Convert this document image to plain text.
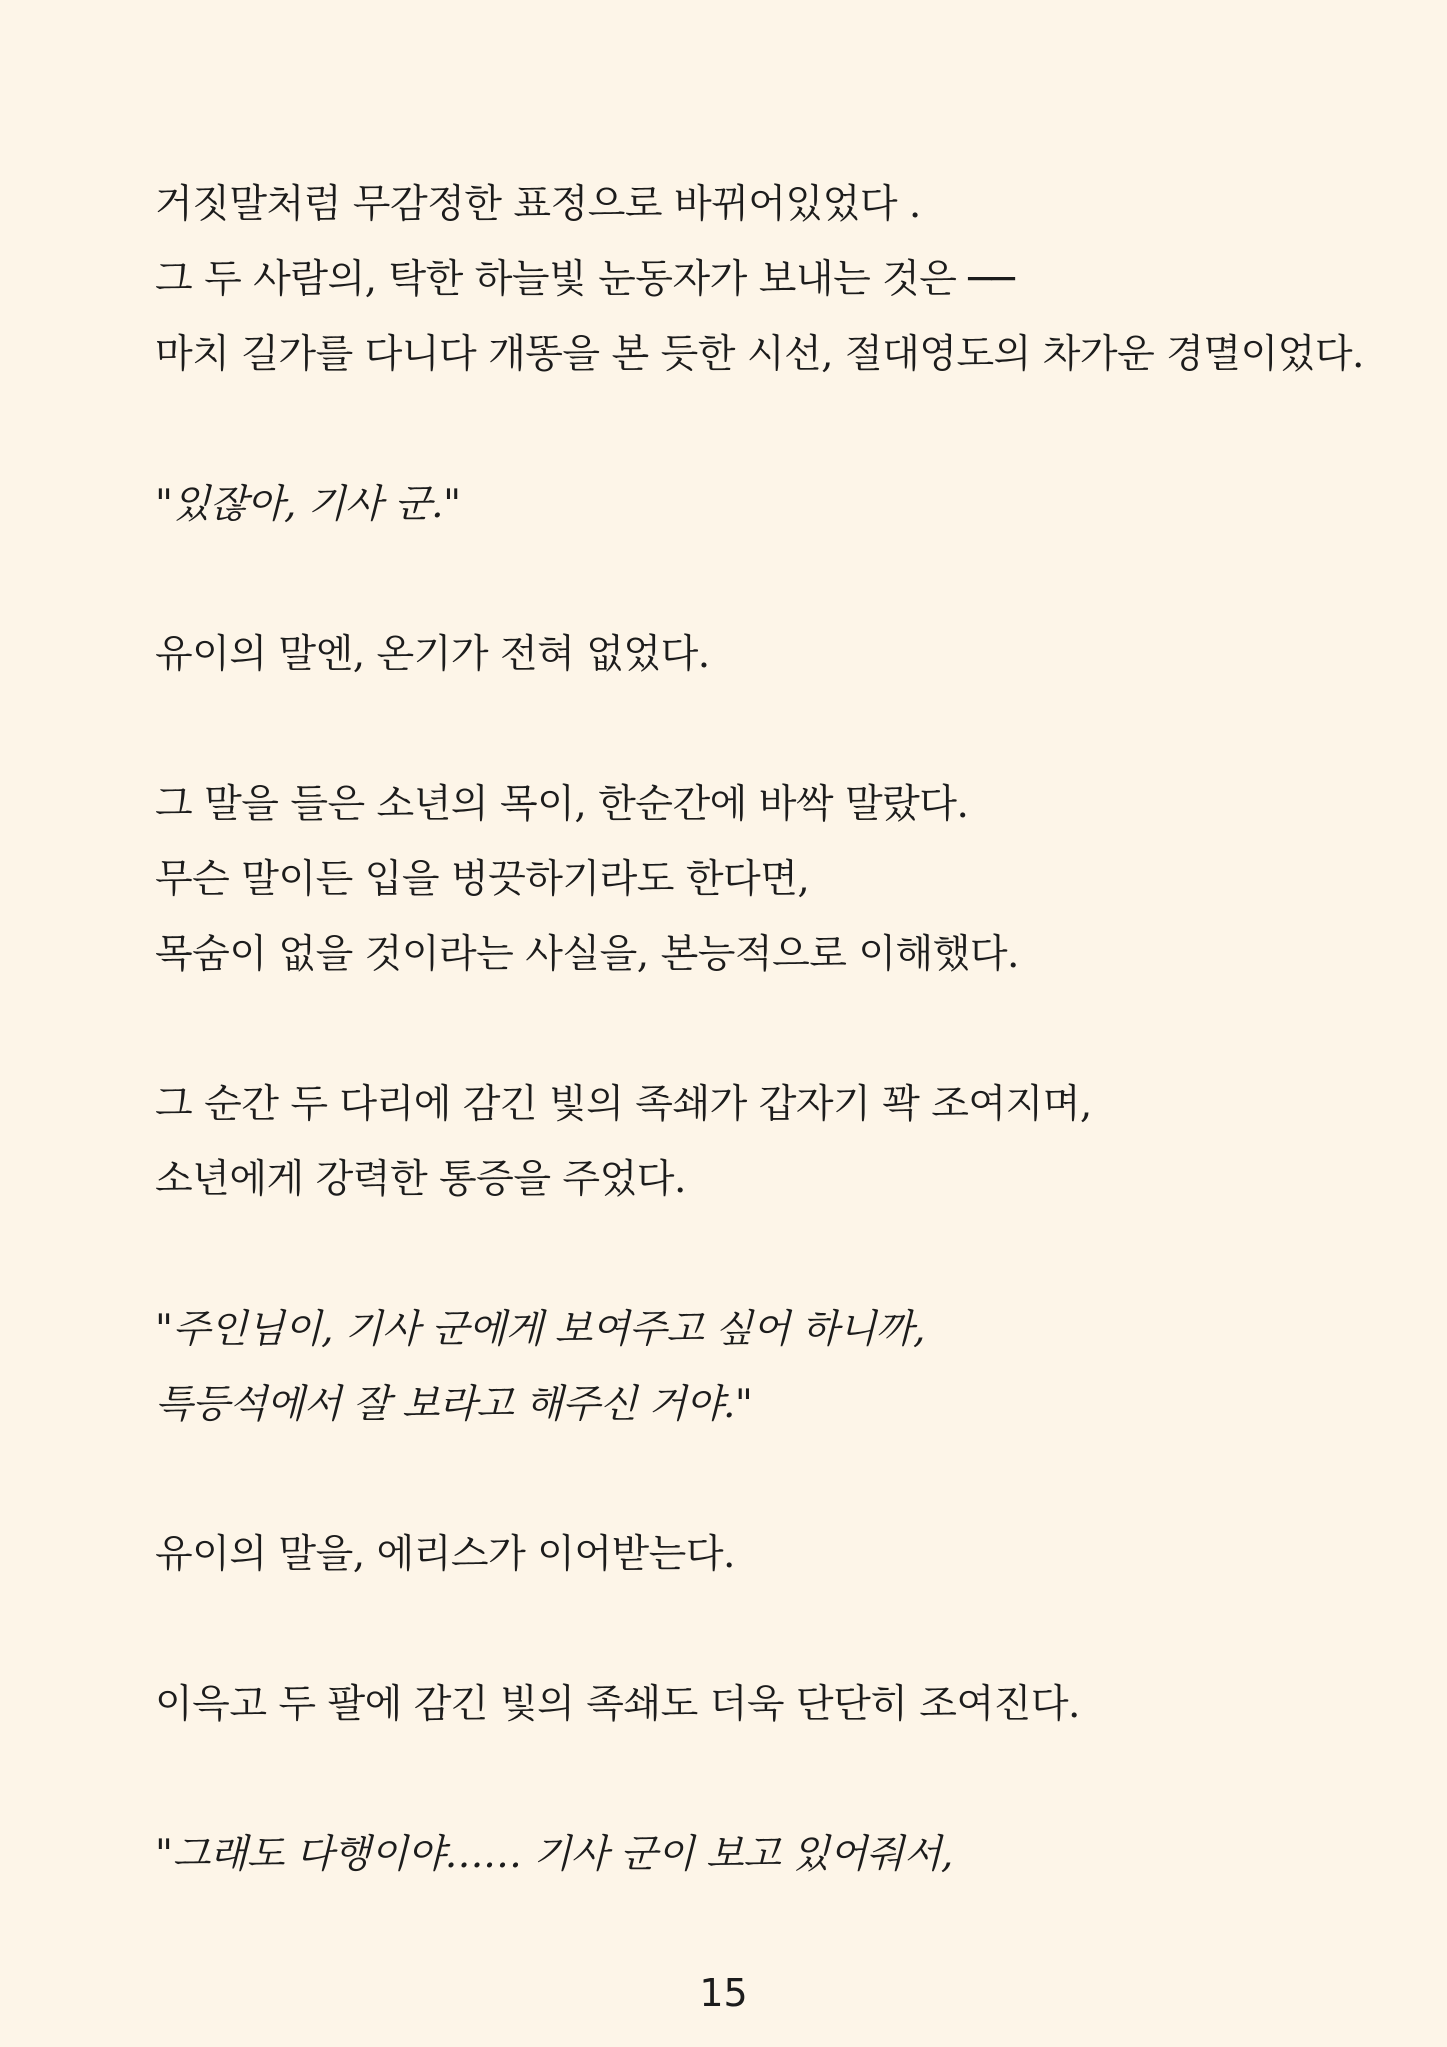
거짓말처럼 무감정한 표정으로 바뀌어있었다 .
그 두 사람의, 탁한 하늘빛 눈동자가 보내는 것은 ──
마치 길가를 다니다 개똥을 본 듯한 시선, 절대영도의 차가운 경멸이었다.
"있잖아, 기사 군."
유이의 말엔, 온기가 전혀 없었다.
그 말을 들은 소년의 목이, 한순간에 바싹 말랐다.
무슨 말이든 입을 벙끗하기라도 한다면,
목숨이 없을 것이라는 사실을, 본능적으로 이해했다.
그 순간 두 다리에 감긴 빛의 족쇄가 갑자기 꽉 조여지며,
소년에게 강력한 통증을 주었다.
"주인님이, 기사 군에게 보여주고 싶어 하니까,
특등석에서 잘 보라고 해주신 거야."
유이의 말을, 에리스가 이어받는다.
이윽고 두 팔에 감긴 빛의 족쇄도 더욱 단단히 조여진다.
"그래도 다행이야…… 기사 군이 보고 있어줘서,
15
